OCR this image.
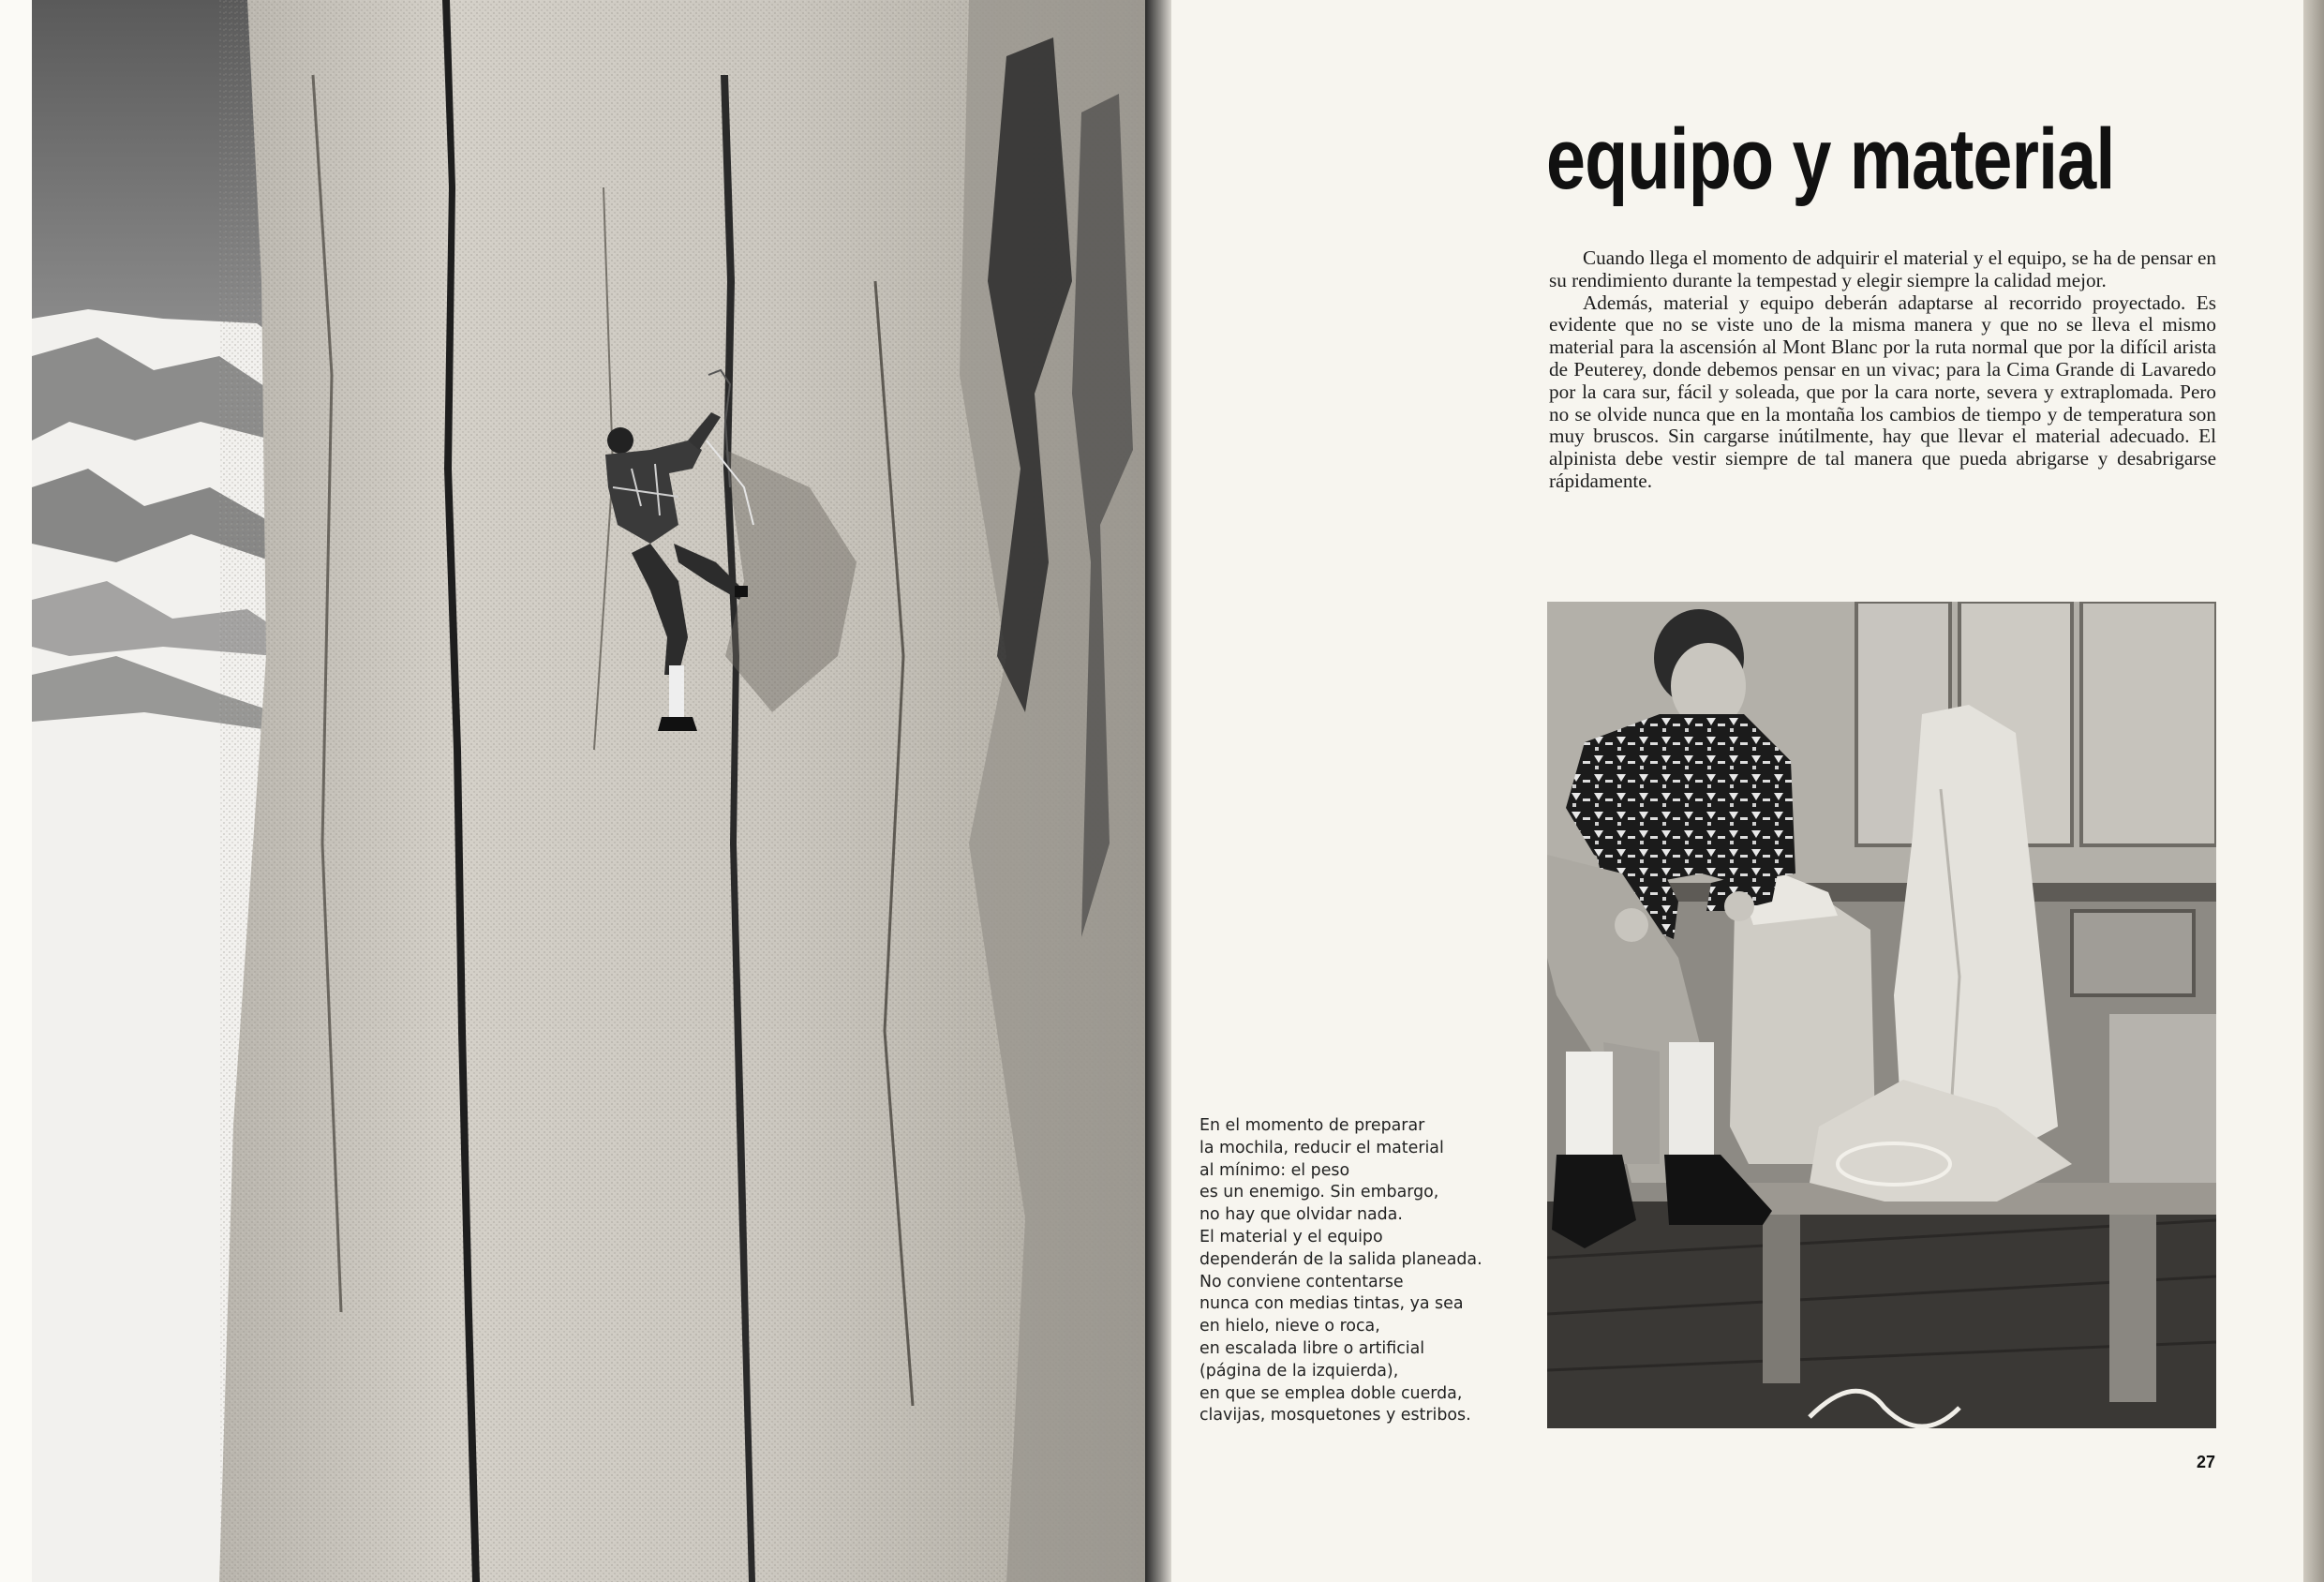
equipo y material

Cuando llega el momento de adquirir el material y el equipo, se ha de pensar en su rendimiento durante la tempestad y elegir siempre la calidad mejor.

Además, material y equipo deberán adaptarse al recorrido proyectado. Es evidente que no se viste uno de la misma manera y que no se lleva el mismo material para la ascensión al Mont Blanc por la ruta normal que por la difícil arista de Peuterey, donde debemos pensar en un vivac; para la Cima Grande di Lavaredo por la cara sur, fácil y soleada, que por la cara norte, severa y extraplomada. Pero no se olvide nunca que en la montaña los cambios de tiempo y de temperatura son muy bruscos. Sin cargarse inútilmente, hay que llevar el material adecuado. El alpinista debe vestir siempre de tal manera que pueda abrigarse y desabrigarse rápidamente.

En el momento de preparar
la mochila, reducir el material
al mínimo: el peso
es un enemigo. Sin embargo,
no hay que olvidar nada.
El material y el equipo
dependerán de la salida planeada.
No conviene contentarse
nunca con medias tintas, ya sea
en hielo, nieve o roca,
en escalada libre o artificial
(página de la izquierda),
en que se emplea doble cuerda,
clavijas, mosquetones y estribos.
27
